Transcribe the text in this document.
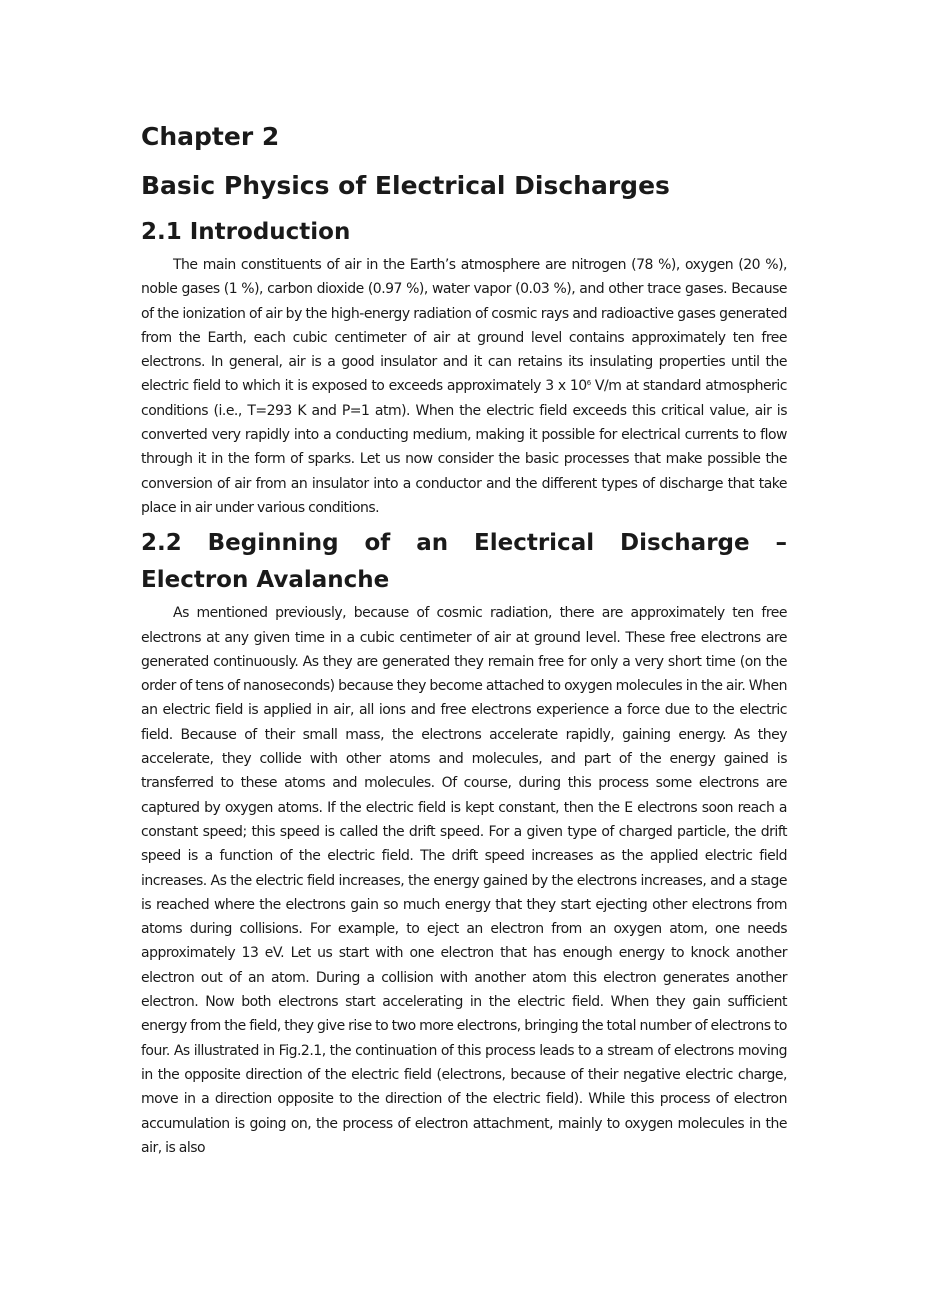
Chapter 2
Basic Physics of Electrical Discharges
2.1 Introduction

The main constituents of air in the Earth’s atmosphere are nitrogen (78 %), oxygen (20 %), noble gases (1 %), carbon dioxide (0.97 %), water vapor (0.03 %), and other trace gases. Because of the ionization of air by the high-energy radiation of cosmic rays and radioactive gases generated from the Earth, each cubic centimeter of air at ground level contains approximately ten free electrons. In general, air is a good insulator and it can retains its insulating properties until the electric field to which it is exposed to exceeds approximately 3 x $10^6$ V/m at standard atmospheric conditions (i.e., T=293 K and P=1 atm). When the electric field exceeds this critical value, air is converted very rapidly into a conducting medium, making it possible for electrical currents to flow through it in the form of sparks. Let us now consider the basic processes that make possible the conversion of air from an insulator into a conductor and the different types of discharge that take place in air under various conditions.

2.2 Beginning of an Electrical Discharge – Electron Avalanche

As mentioned previously, because of cosmic radiation, there are approximately ten free electrons at any given time in a cubic centimeter of air at ground level. These free electrons are generated continuously. As they are generated they remain free for only a very short time (on the order of tens of nanoseconds) because they become attached to oxygen molecules in the air. When an electric field is applied in air, all ions and free electrons experience a force due to the electric field. Because of their small mass, the electrons accelerate rapidly, gaining energy. As they accelerate, they collide with other atoms and molecules, and part of the energy gained is transferred to these atoms and molecules. Of course, during this process some electrons are captured by oxygen atoms. If the electric field is kept constant, then the E electrons soon reach a constant speed; this speed is called the drift speed. For a given type of charged particle, the drift speed is a function of the electric field. The drift speed increases as the applied electric field increases. As the electric field increases, the energy gained by the electrons increases, and a stage is reached where the electrons gain so much energy that they start ejecting other electrons from atoms during collisions. For example, to eject an electron from an oxygen atom, one needs approximately 13 eV. Let us start with one electron that has enough energy to knock another electron out of an atom. During a collision with another atom this electron generates another electron. Now both electrons start accelerating in the electric field. When they gain sufficient energy from the field, they give rise to two more electrons, bringing the total number of electrons to four. As illustrated in Fig.2.1, the continuation of this process leads to a stream of electrons moving in the opposite direction of the electric field (electrons, because of their negative electric charge, move in a direction opposite to the direction of the electric field). While this process of electron accumulation is going on, the process of electron attachment, mainly to oxygen molecules in the air, is also
